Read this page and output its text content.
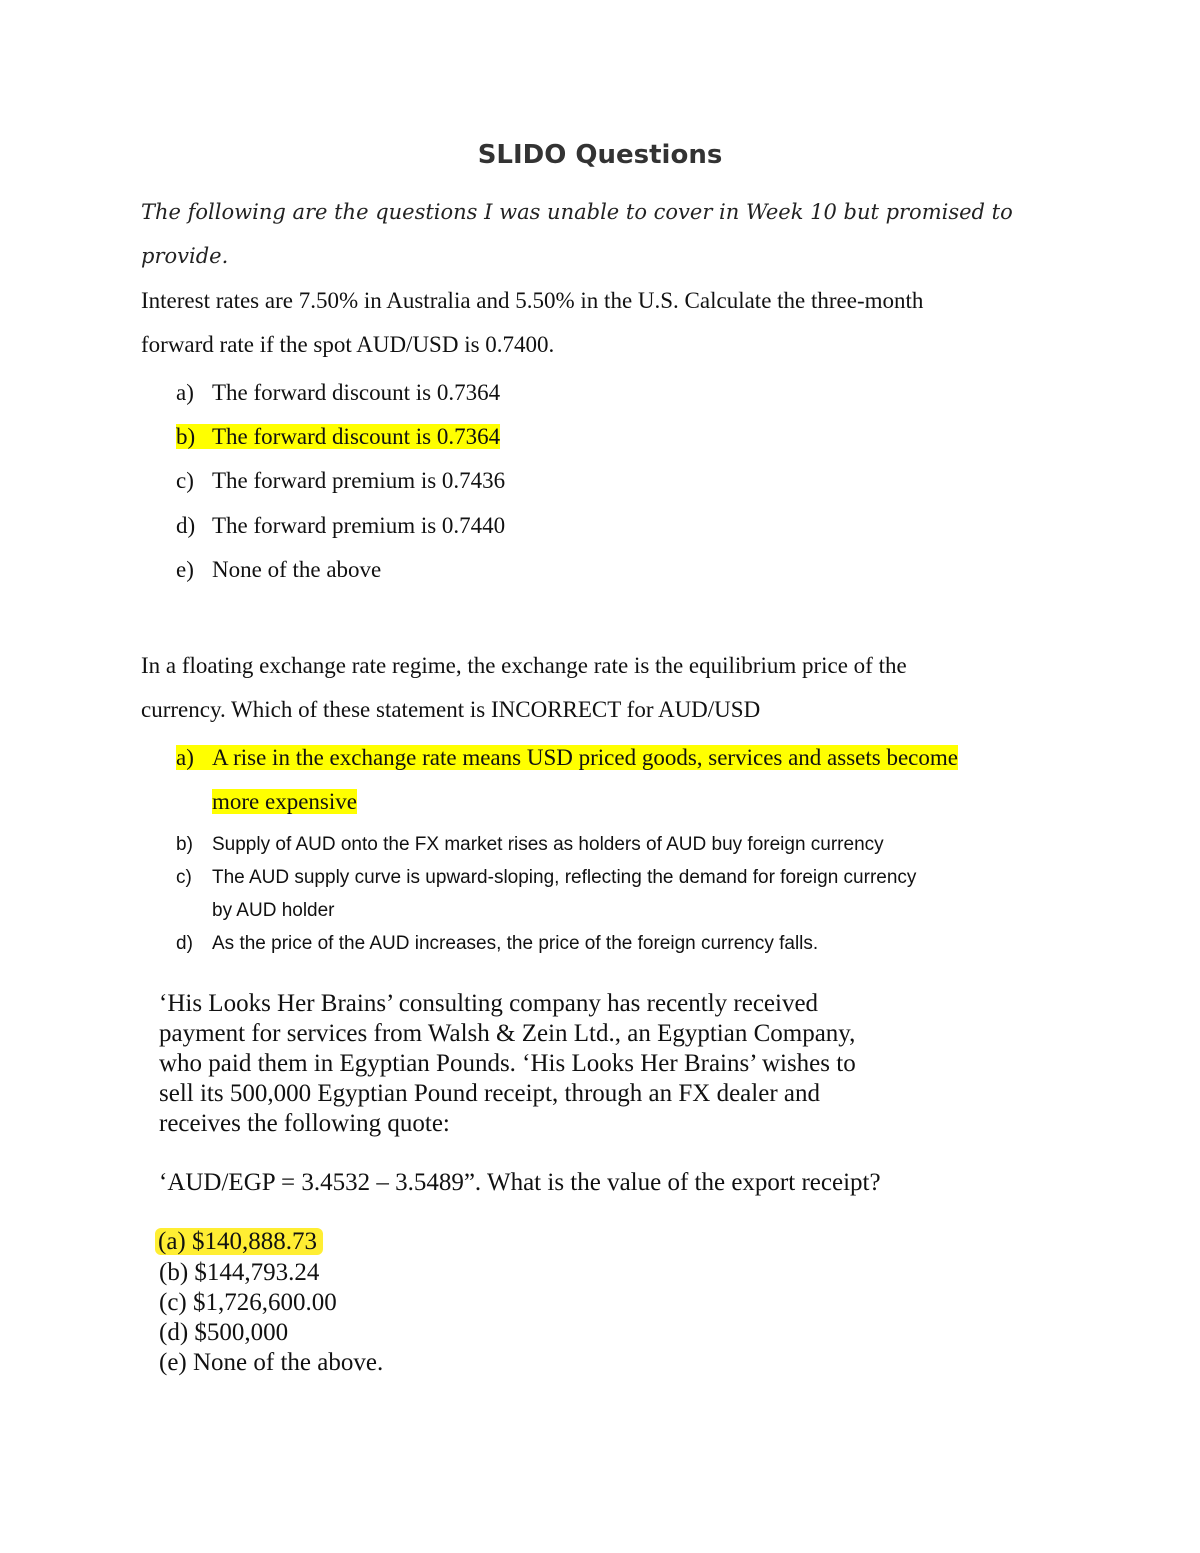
SLIDO Questions
The following are the questions I was unable to cover in Week 10 but promised to
provide.
Interest rates are 7.50% in Australia and 5.50% in the U.S. Calculate the three-month
forward rate if the spot AUD/USD is 0.7400.
a) The forward discount is 0.7364
b) The forward discount is 0.7364
c) The forward premium is 0.7436
d) The forward premium is 0.7440
e) None of the above
In a floating exchange rate regime, the exchange rate is the equilibrium price of the
currency. Which of these statement is INCORRECT for AUD/USD
a) A rise in the exchange rate means USD priced goods, services and assets become
more expensive
b) Supply of AUD onto the FX market rises as holders of AUD buy foreign currency
c) The AUD supply curve is upward-sloping, reflecting the demand for foreign currency
by AUD holder
d) As the price of the AUD increases, the price of the foreign currency falls.
‘His Looks Her Brains’ consulting company has recently received
payment for services from Walsh & Zein Ltd., an Egyptian Company,
who paid them in Egyptian Pounds. ‘His Looks Her Brains’ wishes to
sell its 500,000 Egyptian Pound receipt, through an FX dealer and
receives the following quote:
‘AUD/EGP = 3.4532 – 3.5489”. What is the value of the export receipt?
(a) $140,888.73
(b) $144,793.24
(c) $1,726,600.00
(d) $500,000
(e) None of the above.
